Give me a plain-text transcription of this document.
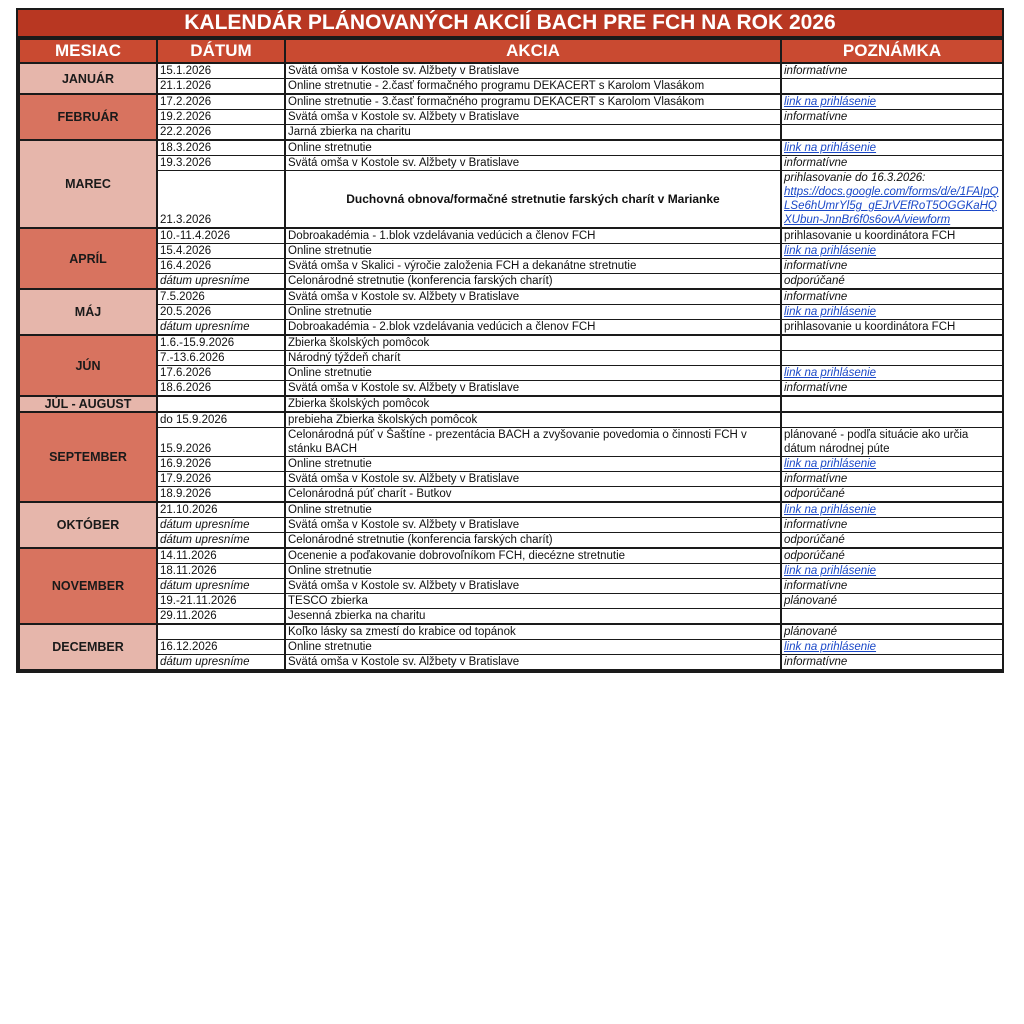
KALENDÁR PLÁNOVANÝCH AKCIÍ BACH PRE FCH NA ROK 2026
MESIAC	DÁTUM	AKCIA	POZNÁMKA
JANUÁR	15.1.2026	Svätá omša v Kostole sv. Alžbety v Bratislave	informatívne
	21.1.2026	Online stretnutie - 2.časť formačného programu DEKACERT s Karolom Vlasákom	
FEBRUÁR	17.2.2026	Online stretnutie - 3.časť formačného programu DEKACERT s Karolom Vlasákom	link na prihlásenie
	19.2.2026	Svätá omša v Kostole sv. Alžbety v Bratislave	informatívne
	22.2.2026	Jarná zbierka na charitu	
MAREC	18.3.2026	Online stretnutie	link na prihlásenie
	19.3.2026	Svätá omša v Kostole sv. Alžbety v Bratislave	informatívne
	21.3.2026	Duchovná obnova/formačné stretnutie farských charít v Marianke	prihlasovanie do 16.3.2026:
https://docs.google.com/forms/d/e/1FAIpQLSe6hUmrYl5g_gEJrVEfRoT5OGGKaHQXUbun-JnnBr6f0s6ovA/viewform

APRÍL	10.-11.4.2026	Dobroakadémia - 1.blok vzdelávania vedúcich a členov FCH	prihlasovanie u koordinátora FCH
	15.4.2026	Online stretnutie	link na prihlásenie
	16.4.2026	Svätá omša v Skalici - výročie založenia FCH a dekanátne stretnutie	informatívne
	dátum upresníme	Celonárodné stretnutie (konferencia farských charít)	odporúčané
MÁJ	7.5.2026	Svätá omša v Kostole sv. Alžbety v Bratislave	informatívne
	20.5.2026	Online stretnutie	link na prihlásenie
	dátum upresníme	Dobroakadémia - 2.blok vzdelávania vedúcich a členov FCH	prihlasovanie u koordinátora FCH
JÚN	1.6.-15.9.2026	Zbierka školských pomôcok	
	7.-13.6.2026	Národný týždeň charít	
	17.6.2026	Online stretnutie	link na prihlásenie
	18.6.2026	Svätá omša v Kostole sv. Alžbety v Bratislave	informatívne
JÚL - AUGUST		Zbierka školských pomôcok	
SEPTEMBER	do 15.9.2026	prebieha Zbierka školských pomôcok	
	15.9.2026	Celonárodná púť v Šaštíne - prezentácia BACH a zvyšovanie povedomia o činnosti FCH v stánku BACH	plánované - podľa situácie ako určia dátum národnej púte
	16.9.2026	Online stretnutie	link na prihlásenie
	17.9.2026	Svätá omša v Kostole sv. Alžbety v Bratislave	informatívne
	18.9.2026	Celonárodná púť charít - Butkov	odporúčané
OKTÓBER	21.10.2026	Online stretnutie	link na prihlásenie
	dátum upresníme	Svätá omša v Kostole sv. Alžbety v Bratislave	informatívne
	dátum upresníme	Celonárodné stretnutie (konferencia farských charít)	odporúčané
NOVEMBER	14.11.2026	Ocenenie a poďakovanie dobrovoľníkom FCH, diecézne stretnutie	odporúčané
	18.11.2026	Online stretnutie	link na prihlásenie
	dátum upresníme	Svätá omša v Kostole sv. Alžbety v Bratislave	informatívne
	19.-21.11.2026	TESCO zbierka	plánované
	29.11.2026	Jesenná zbierka na charitu	
DECEMBER		Koľko lásky sa zmestí do krabice od topánok	plánované
	16.12.2026	Online stretnutie	link na prihlásenie
	dátum upresníme	Svätá omša v Kostole sv. Alžbety v Bratislave	informatívne
